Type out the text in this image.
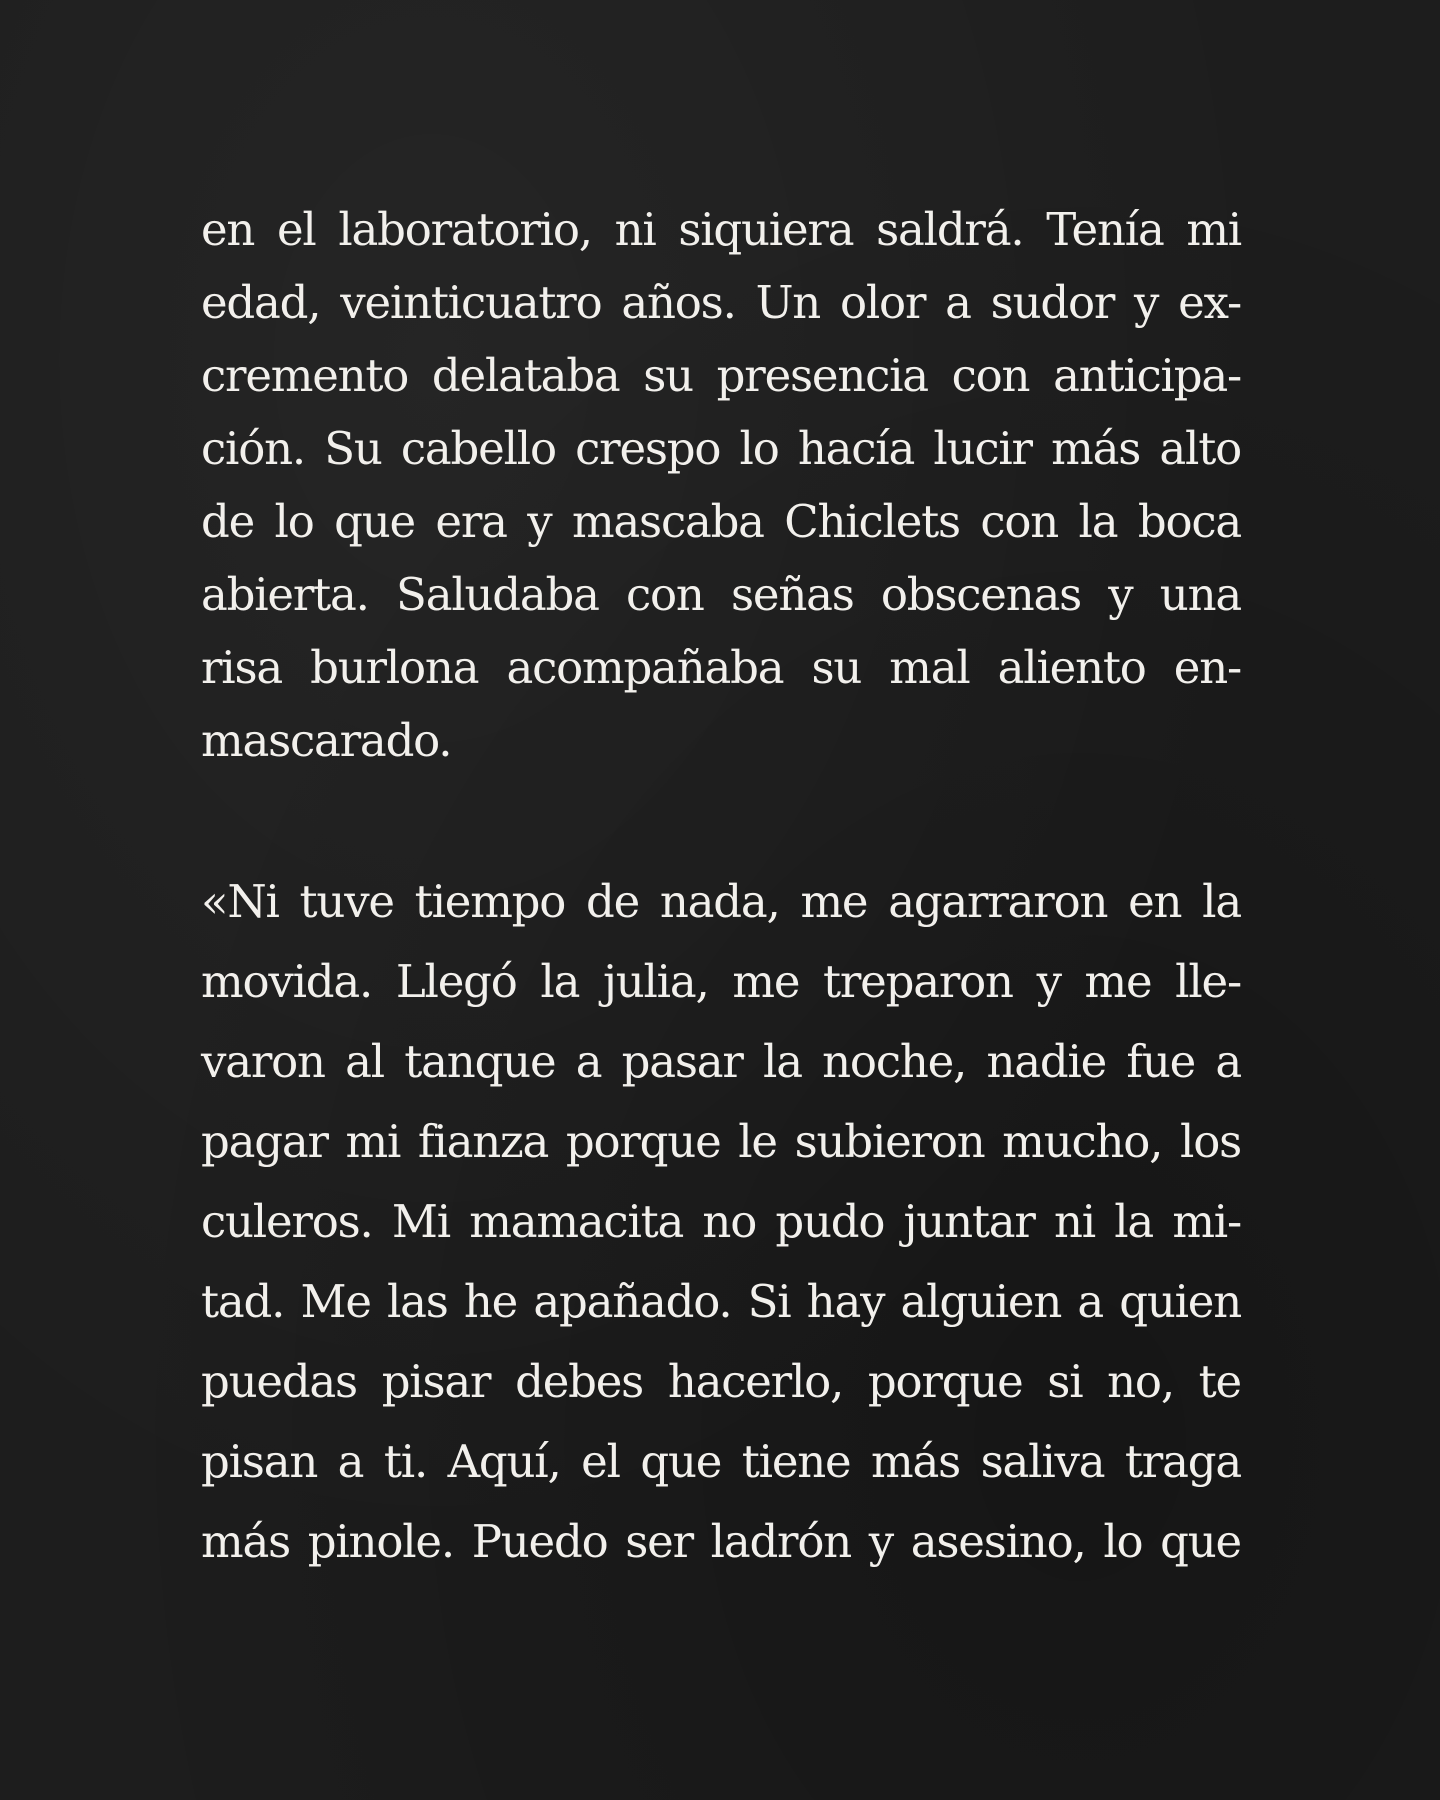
en el laboratorio, ni siquiera saldrá. Tenía mi
edad, veinticuatro años. Un olor a sudor y ex-
cremento delataba su presencia con anticipa-
ción. Su cabello crespo lo hacía lucir más alto
de lo que era y mascaba Chiclets con la boca
abierta. Saludaba con señas obscenas y una
risa burlona acompañaba su mal aliento en-
mascarado.
«Ni tuve tiempo de nada, me agarraron en la
movida. Llegó la julia, me treparon y me lle-
varon al tanque a pasar la noche, nadie fue a
pagar mi fianza porque le subieron mucho, los
culeros. Mi mamacita no pudo juntar ni la mi-
tad. Me las he apañado. Si hay alguien a quien
puedas pisar debes hacerlo, porque si no, te
pisan a ti. Aquí, el que tiene más saliva traga
más pinole. Puedo ser ladrón y asesino, lo que
